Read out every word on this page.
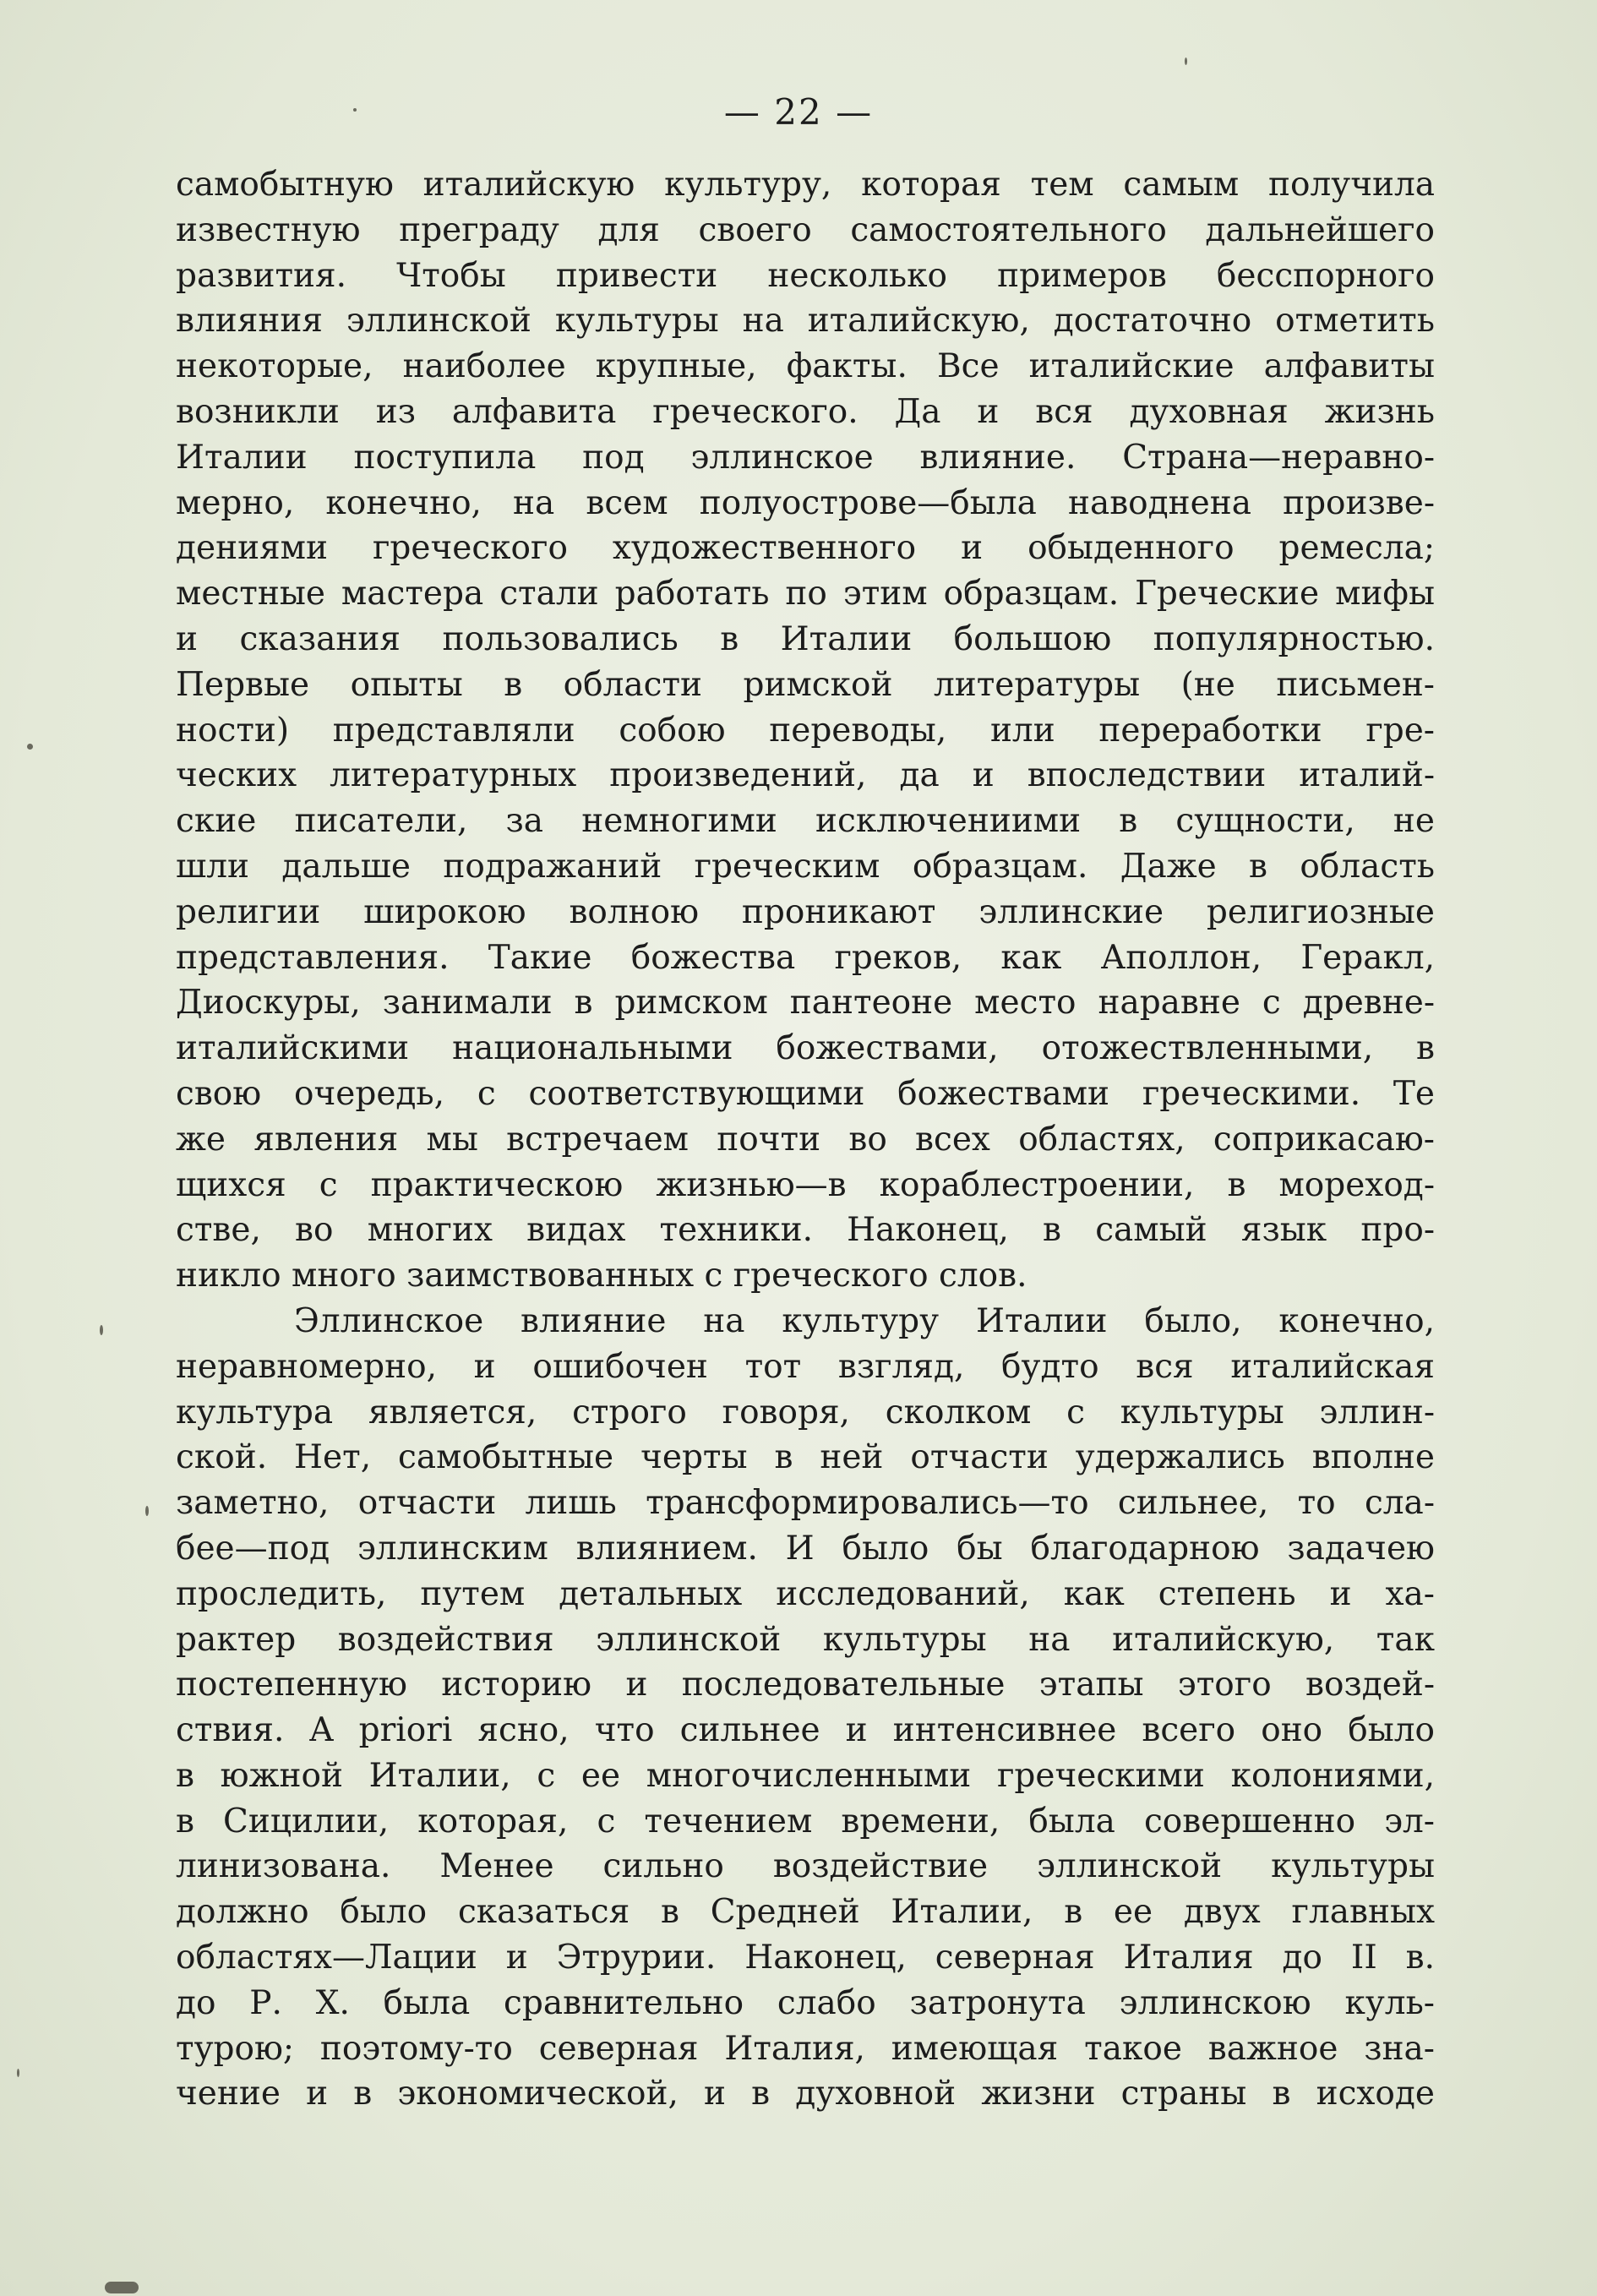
— 22 —
самобытную италийскую культуру, которая тем самым получила
известную преграду для своего самостоятельного дальнейшего
развития. Чтобы привести несколько примеров бесспорного
влияния эллинской культуры на италийскую, достаточно отметить
некоторые, наиболее крупные, факты. Все италийские алфавиты
возникли из алфавита греческого. Да и вся духовная жизнь
Италии поступила под эллинское влияние. Страна—неравно-
мерно, конечно, на всем полуострове—была наводнена произве-
дениями греческого художественного и обыденного ремесла;
местные мастера стали работать по этим образцам. Греческие мифы
и сказания пользовались в Италии большою популярностью.
Первые опыты в области римской литературы (не письмен-
ности) представляли собою переводы, или переработки гре-
ческих литературных произведений, да и впоследствии италий-
ские писатели, за немногими исключениими в сущности, не
шли дальше подражаний греческим образцам. Даже в область
религии широкою волною проникают эллинские религиозные
представления. Такие божества греков, как Аполлон, Геракл,
Диоскуры, занимали в римском пантеоне место наравне с древне-
италийскими национальными божествами, отожествленными, в
свою очередь, с соответствующими божествами греческими. Те
же явления мы встречаем почти во всех областях, соприкасаю-
щихся с практическою жизнью—в кораблестроении, в мореход-
стве, во многих видах техники. Наконец, в самый язык про-
никло много заимствованных с греческого слов.
Эллинское влияние на культуру Италии было, конечно,
неравномерно, и ошибочен тот взгляд, будто вся италийская
культура является, строго говоря, сколком с культуры эллин-
ской. Нет, самобытные черты в ней отчасти удержались вполне
заметно, отчасти лишь трансформировались—то сильнее, то сла-
бее—под эллинским влиянием. И было бы благодарною задачею
проследить, путем детальных исследований, как степень и ха-
рактер воздействия эллинской культуры на италийскую, так
постепенную историю и последовательные этапы этого воздей-
ствия. A priori ясно, что сильнее и интенсивнее всего оно было
в южной Италии, с ее многочисленными греческими колониями,
в Сицилии, которая, с течением времени, была совершенно эл-
линизована. Менее сильно воздействие эллинской культуры
должно было сказаться в Средней Италии, в ее двух главных
областях—Лации и Этрурии. Наконец, северная Италия до II в.
до Р. Х. была сравнительно слабо затронута эллинскою куль-
турою; поэтому-то северная Италия, имеющая такое важное зна-
чение и в экономической, и в духовной жизни страны в исходе
